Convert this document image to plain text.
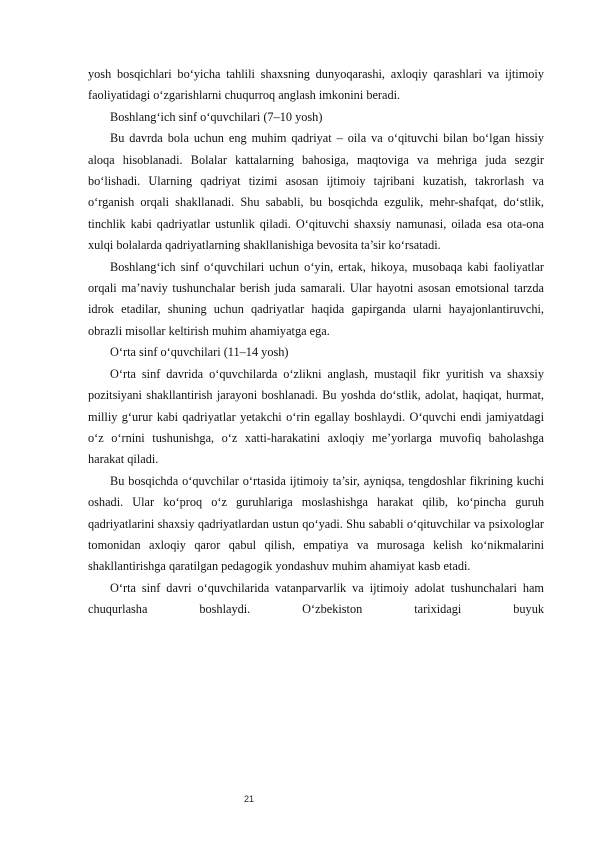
yosh bosqichlari bo‘yicha tahlili shaxsning dunyoqarashi, axloqiy qarashlari va ijtimoiy faoliyatidagi o‘zgarishlarni chuqurroq anglash imkonini beradi.

Boshlang‘ich sinf o‘quvchilari (7–10 yosh)

Bu davrda bola uchun eng muhim qadriyat – oila va o‘qituvchi bilan bo‘lgan hissiy aloqa hisoblanadi. Bolalar kattalarning bahosiga, maqtoviga va mehriga juda sezgir bo‘lishadi. Ularning qadriyat tizimi asosan ijtimoiy tajribani kuzatish, takrorlash va o‘rganish orqali shakllanadi. Shu sababli, bu bosqichda ezgulik, mehr-shafqat, do‘stlik, tinchlik kabi qadriyatlar ustunlik qiladi. O‘qituvchi shaxsiy namunasi, oilada esa ota-ona xulqi bolalarda qadriyatlarning shakllanishiga bevosita ta’sir ko‘rsatadi.

Boshlang‘ich sinf o‘quvchilari uchun o‘yin, ertak, hikoya, musobaqa kabi faoliyatlar orqali ma’naviy tushunchalar berish juda samarali. Ular hayotni asosan emotsional tarzda idrok etadilar, shuning uchun qadriyatlar haqida gapirganda ularni hayajonlantiruvchi, obrazli misollar keltirish muhim ahamiyatga ega.

O‘rta sinf o‘quvchilari (11–14 yosh)

O‘rta sinf davrida o‘quvchilarda o‘zlikni anglash, mustaqil fikr yuritish va shaxsiy pozitsiyani shakllantirish jarayoni boshlanadi. Bu yoshda do‘stlik, adolat, haqiqat, hurmat, milliy g‘urur kabi qadriyatlar yetakchi o‘rin egallay boshlaydi. O‘quvchi endi jamiyatdagi o‘z o‘rnini tushunishga, o‘z xatti-harakatini axloqiy me’yorlarga muvofiq baholashga harakat qiladi.

Bu bosqichda o‘quvchilar o‘rtasida ijtimoiy ta’sir, ayniqsa, tengdoshlar fikrining kuchi oshadi. Ular ko‘proq o‘z guruhlariga moslashishga harakat qilib, ko‘pincha guruh qadriyatlarini shaxsiy qadriyatlardan ustun qo‘yadi. Shu sababli o‘qituvchilar va psixologlar tomonidan axloqiy qaror qabul qilish, empatiya va murosaga kelish ko‘nikmalarini shakllantirishga qaratilgan pedagogik yondashuv muhim ahamiyat kasb etadi.

O‘rta sinf davri o‘quvchilarida vatanparvarlik va ijtimoiy adolat tushunchalari ham chuqurlasha boshlaydi. O‘zbekiston tarixidagi buyuk

21
